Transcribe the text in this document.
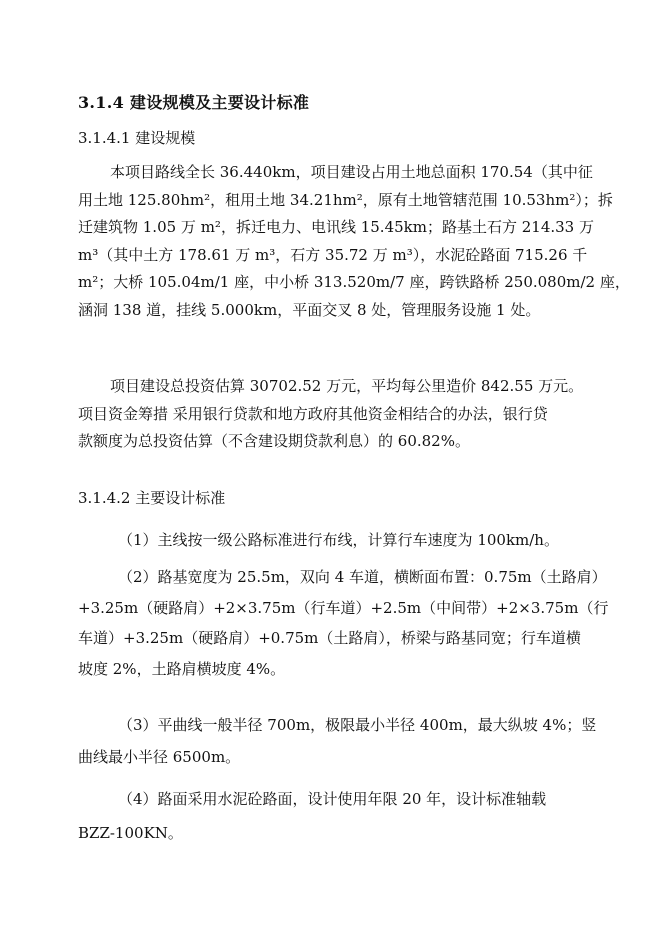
3.1.4 建设规模及主要设计标准
3.1.4.1 建设规模
本项目路线全长 36.440km，项目建设占用土地总面积 170.54（其中征
用土地 125.80hm²，租用土地 34.21hm²，原有土地管辖范围 10.53hm²）；拆
迁建筑物 1.05 万 m²，拆迁电力、电讯线 15.45km；路基土石方 214.33 万
m³（其中土方 178.61 万 m³，石方 35.72 万 m³），水泥砼路面 715.26 千
m²；大桥 105.04m/1 座，中小桥 313.520m/7 座，跨铁路桥 250.080m/2 座，
涵洞 138 道，挂线 5.000km，平面交叉 8 处，管理服务设施 1 处。
项目建设总投资估算 30702.52 万元，平均每公里造价 842.55 万元。
项目资金筹措 采用银行贷款和地方政府其他资金相结合的办法，银行贷
款额度为总投资估算（不含建设期贷款利息）的 60.82%。
3.1.4.2 主要设计标准
（1）主线按一级公路标准进行布线，计算行车速度为 100km/h。
（2）路基宽度为 25.5m，双向 4 车道，横断面布置：0.75m（土路肩）
+3.25m（硬路肩）+2×3.75m（行车道）+2.5m（中间带）+2×3.75m（行
车道）+3.25m（硬路肩）+0.75m（土路肩），桥梁与路基同宽；行车道横
坡度 2%，土路肩横坡度 4%。
（3）平曲线一般半径 700m，极限最小半径 400m，最大纵坡 4%；竖
曲线最小半径 6500m。
（4）路面采用水泥砼路面，设计使用年限 20 年，设计标准轴载
BZZ-100KN。
